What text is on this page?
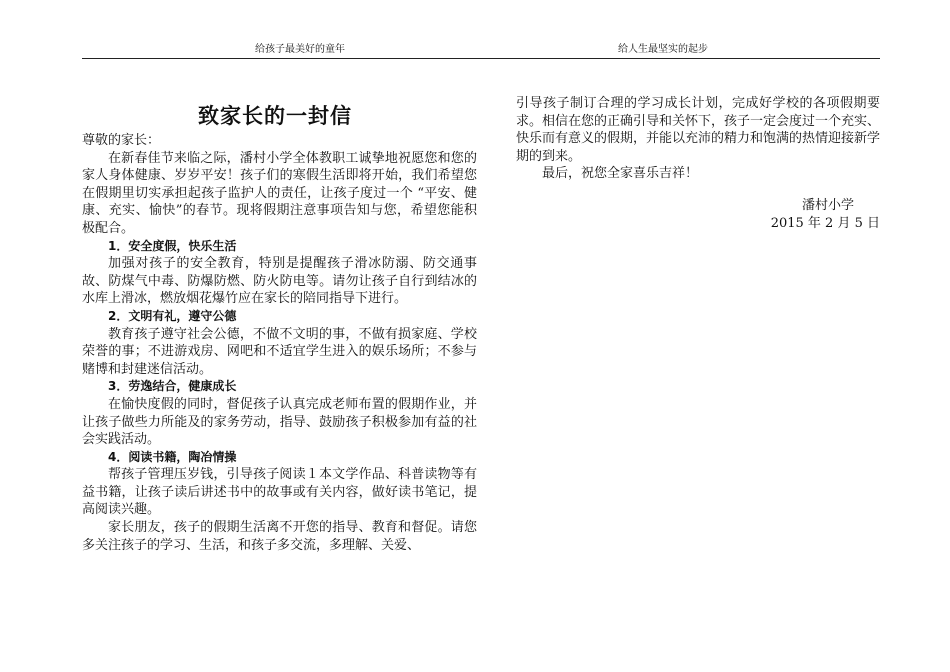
给孩子最美好的童年	给人生最坚实的起步
致家长的一封信

尊敬的家长：

在新春佳节来临之际，潘村小学全体教职工诚挚地祝愿您和您的家人身体健康、岁岁平安！孩子们的寒假生活即将开始，我们希望您在假期里切实承担起孩子监护人的责任，让孩子度过一个 “平安、健康、充实、愉快”的春节。现将假期注意事项告知与您，希望您能积极配合。

1．安全度假，快乐生活

加强对孩子的安全教育，特别是提醒孩子滑冰防溺、防交通事故、防煤气中毒、防爆防燃、防火防电等。请勿让孩子自行到结冰的水库上滑冰，燃放烟花爆竹应在家长的陪同指导下进行。

2．文明有礼，遵守公德

教育孩子遵守社会公德，不做不文明的事，不做有损家庭、学校荣誉的事；不进游戏房、网吧和不适宜学生进入的娱乐场所；不参与赌博和封建迷信活动。

3．劳逸结合，健康成长

在愉快度假的同时，督促孩子认真完成老师布置的假期作业，并让孩子做些力所能及的家务劳动，指导、鼓励孩子积极参加有益的社会实践活动。

4．阅读书籍，陶冶情操

帮孩子管理压岁钱，引导孩子阅读１本文学作品、科普读物等有益书籍，让孩子读后讲述书中的故事或有关内容，做好读书笔记，提高阅读兴趣。

家长朋友，孩子的假期生活离不开您的指导、教育和督促。请您多关注孩子的学习、生活，和孩子多交流，多理解、关爱、

引导孩子制订合理的学习成长计划，完成好学校的各项假期要求。相信在您的正确引导和关怀下，孩子一定会度过一个充实、快乐而有意义的假期，并能以充沛的精力和饱满的热情迎接新学期的到来。

最后，祝您全家喜乐吉祥！

潘村小学

2015 年 2 月 5 日
